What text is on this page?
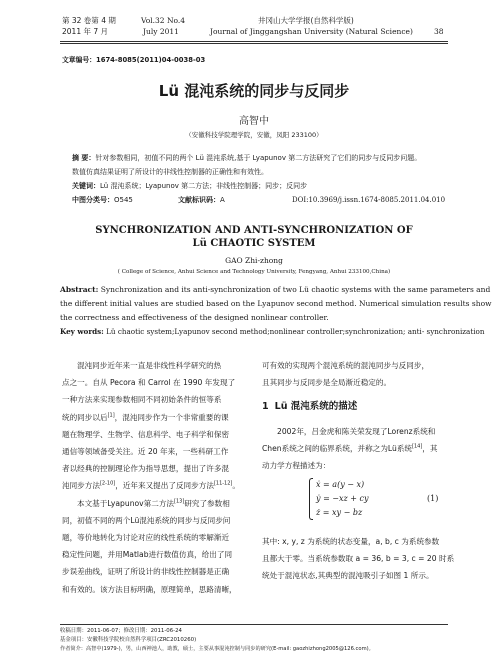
第 32 卷第 4 期
2011 年 7 月
Vol.32 No.4
July 2011
井冈山大学学报(自然科学版)
Journal of Jinggangshan University (Natural Science)	38
文章编号：1674-8085(2011)04-0038-03
Lü 混沌系统的同步与反同步
高智中
（安徽科技学院理学院，安徽，凤阳 233100）
摘 要：针对参数相同，初值不同的两个 Lü 混沌系统,基于 Lyapunov 第二方法研究了它们的同步与反同步问题。
数值仿真结果证明了所设计的非线性控制器的正确性和有效性。
关键词：Lü 混沌系统；Lyapunov 第二方法；非线性控制器；同步；反同步
中图分类号：O545	文献标识码：A	DOI:10.3969/j.issn.1674-8085.2011.04.010
SYNCHRONIZATION AND ANTI-SYNCHRONIZATION OF
Lü CHAOTIC SYSTEM
GAO Zhi-zhong
( College of Science, Anhui Science and Technology University, Fengyang, Anhui 233100,China)
Abstract: Synchronization and its anti-synchronization of two Lü chaotic systems with the same parameters and
the different initial values are studied based on the Lyapunov second method. Numerical simulation results show
the correctness and effectiveness of the designed nonlinear controller.
Key words: Lü chaotic system;Lyapunov second method;nonlinear controller;synchronization; anti- synchronization

混沌同步近年来一直是非线性科学研究的热

点之一。自从 Pecora 和 Carrol 在 1990 年发现了

一种方法来实现参数相同不同初始条件的恒等系

统的同步以后[1]，混沌同步作为一个非常重要的课

题在物理学、生物学、信息科学、电子科学和保密

通信等领域备受关注。近 20 年来，一些科研工作

者以经典的控制理论作为指导思想，提出了许多混

沌同步方法[2-10]，近年来又提出了反同步方法[11-12]。

本文基于Lyapunov第二方法[13]研究了参数相

同，初值不同的两个Lü混沌系统的同步与反同步问

题，等价地转化为讨论对应的线性系统的零解渐近

稳定性问题，并用Matlab进行数值仿真，给出了同

步误差曲线，证明了所设计的非线性控制器是正确

和有效的。该方法目标明确，原理简单，思路清晰，

可有效的实现两个混沌系统的混沌同步与反同步，

且其同步与反同步是全局渐近稳定的。

1 Lü 混沌系统的描述

2002年，吕金虎和陈关荣发现了Lorenz系统和

Chen系统之间的临界系统，并称之为Lü系统[14]，其

动力学方程描述为：

ẋ = a(y − x)
ẏ = −xz + cy
ż = xy − bz
(1)

其中: x, y, z 为系统的状态变量，a, b, c 为系统参数

且都大于零。当系统参数取 a = 36, b = 3, c = 20 时系

统处于混沌状态,其典型的混沌吸引子如图 1 所示。

收稿日期：2011-06-07；修改日期：2011-06-24
基金项目：安徽科技学院校自然科学项目(ZRC2010260)
作者简介：高智中(1979-)，男，山西神池人，助教，硕士，主要从事混沌控制与同步的研究(E-mail: gaozhizhong2005@126.com)。
